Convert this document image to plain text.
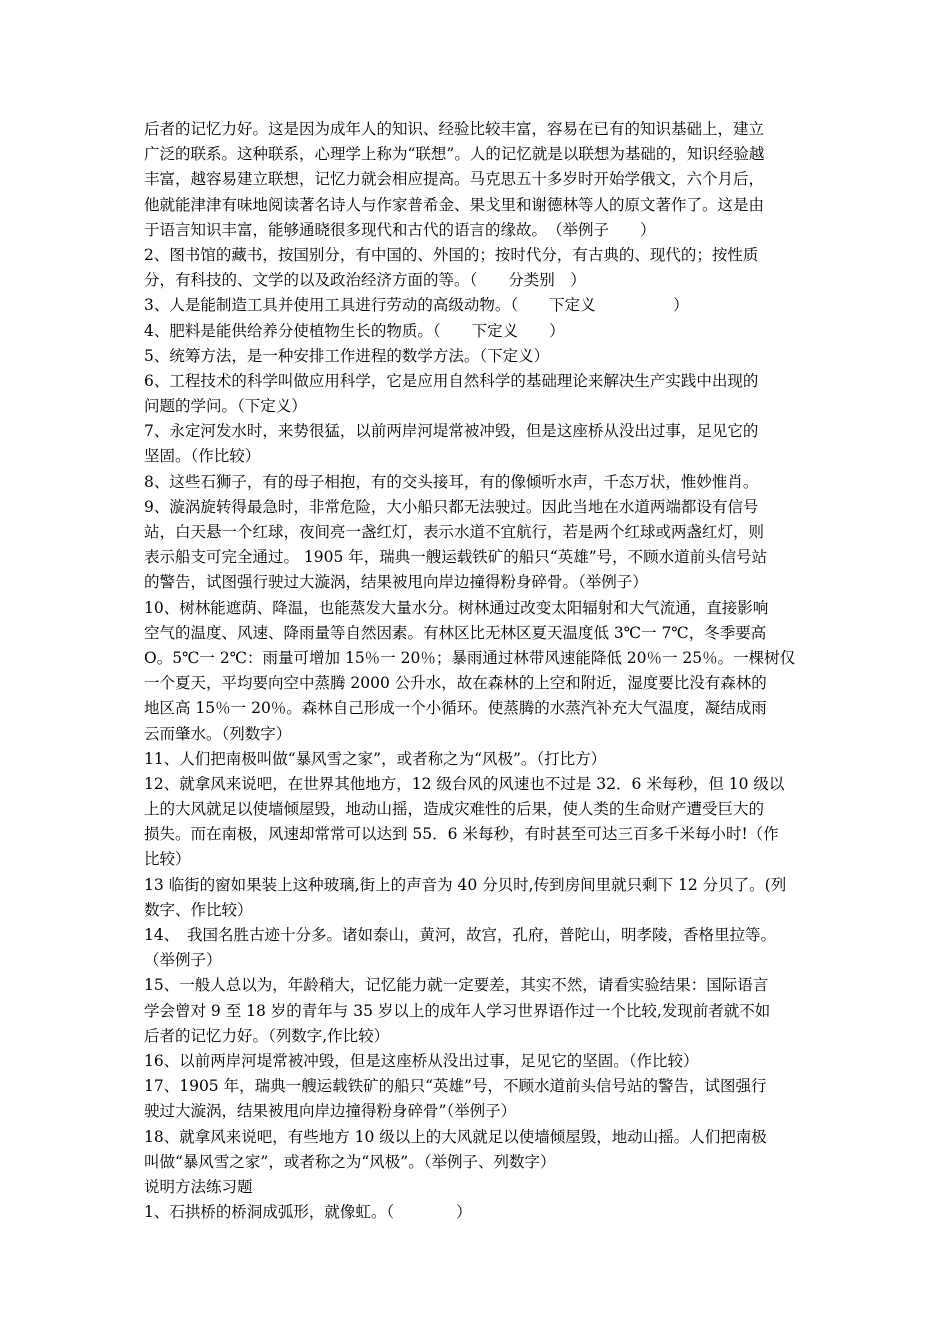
后者的记忆力好。这是因为成年人的知识、经验比较丰富，容易在已有的知识基础上，建立
广泛的联系。这种联系，心理学上称为“联想”。人的记忆就是以联想为基础的，知识经验越
丰富，越容易建立联想，记忆力就会相应提高。马克思五十多岁时开始学俄文，六个月后，
他就能津津有味地阅读著名诗人与作家普希金、果戈里和谢德林等人的原文著作了。这是由
于语言知识丰富，能够通晓很多现代和古代的语言的缘故。　（举例子　　）
2、图书馆的藏书，按国别分，有中国的、外国的；按时代分，有古典的、现代的；按性质
分，有科技的、文学的以及政治经济方面的等。（　　分类别　）
3、人是能制造工具并使用工具进行劳动的高级动物。（　　下定义　　　　　）
4、肥料是能供给养分使植物生长的物质。（　　下定义　　）
5、统筹方法，是一种安排工作进程的数学方法。（下定义）
6、工程技术的科学叫做应用科学，它是应用自然科学的基础理论来解决生产实践中出现的
问题的学问。（下定义）
7、永定河发水时，来势很猛，以前两岸河堤常被冲毁，但是这座桥从没出过事，足见它的
坚固。（作比较）
8、这些石狮子，有的母子相抱，有的交头接耳，有的像倾听水声，千态万状，惟妙惟肖。
9、漩涡旋转得最急时，非常危险，大小船只都无法驶过。因此当地在水道两端都设有信号
站，白天悬一个红球，夜间亮一盏红灯，表示水道不宜航行，若是两个红球或两盏红灯，则
表示船支可完全通过。 1905 年，瑞典一艘运载铁矿的船只“英雄”号，不顾水道前头信号站
的警告，试图强行驶过大漩涡，结果被甩向岸边撞得粉身碎骨。（举例子）
10、树林能遮荫、降温，也能蒸发大量水分。树林通过改变太阳辐射和大气流通，直接影响
空气的温度、风速、降雨量等自然因素。有林区比无林区夏天温度低 3℃一 7℃，冬季要高
O。5℃一 2℃：雨量可增加 15％一 20％；暴雨通过林带风速能降低 20％一 25％。一棵树仅
一个夏天，平均要向空中蒸腾 2000 公升水，故在森林的上空和附近，湿度要比没有森林的
地区高 15％一 20％。森林自己形成一个小循环。使蒸腾的水蒸汽补充大气温度，凝结成雨
云而肇水。（列数字）
11、人们把南极叫做“暴风雪之家”，或者称之为“风极”。（打比方）
12、就拿风来说吧，在世界其他地方，12 级台风的风速也不过是 32．6 米每秒，但 10 级以
上的大风就足以使墙倾屋毁，地动山摇，造成灾难性的后果，使人类的生命财产遭受巨大的
损失。而在南极，风速却常常可以达到 55．6 米每秒，有时甚至可达三百多千米每小时!（作
比较）
13 临街的窗如果装上这种玻璃,街上的声音为 40 分贝时,传到房间里就只剩下 12 分贝了。(列
数字、作比较）
14、　我国名胜古迹十分多。诸如泰山，黄河，故宫，孔府，普陀山，明孝陵，香格里拉等。
（举例子）
15、一般人总以为，年龄稍大，记忆能力就一定要差，其实不然，请看实验结果：国际语言
学会曾对 9 至 18 岁的青年与 35 岁以上的成年人学习世界语作过一个比较,发现前者就不如
后者的记忆力好。（列数字,作比较）
16、以前两岸河堤常被冲毁，但是这座桥从没出过事，足见它的坚固。（作比较）
17、1905 年，瑞典一艘运载铁矿的船只“英雄”号，不顾水道前头信号站的警告，试图强行
驶过大漩涡，结果被甩向岸边撞得粉身碎骨”（举例子）
18、就拿风来说吧，有些地方 10 级以上的大风就足以使墙倾屋毁，地动山摇。人们把南极
叫做“暴风雪之家”，或者称之为“风极”。（举例子、列数字）
说明方法练习题
1、石拱桥的桥洞成弧形，就像虹。（　　　　）
